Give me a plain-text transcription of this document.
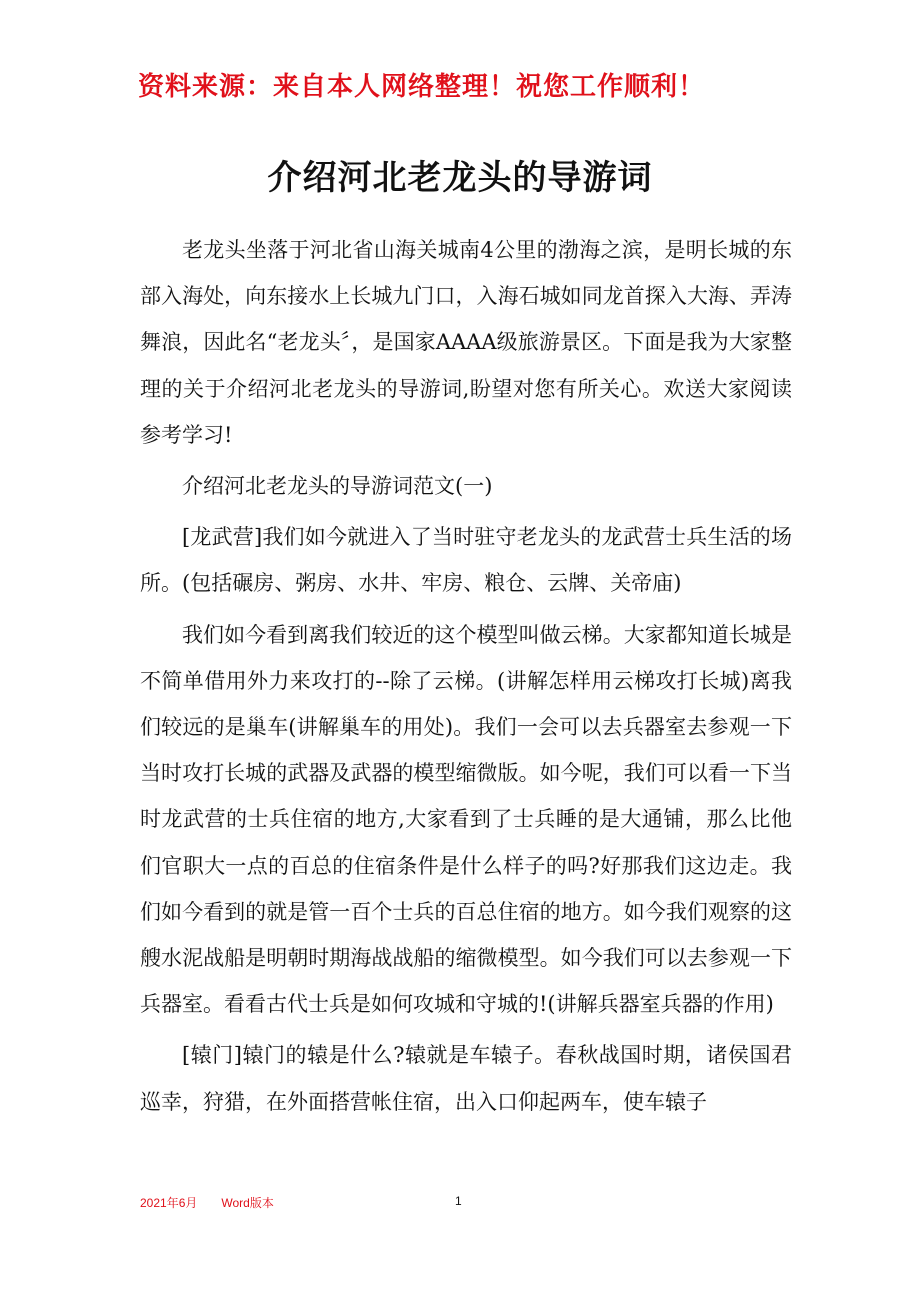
资料来源：来自本人网络整理！祝您工作顺利！
介绍河北老龙头的导游词

老龙头坐落于河北省山海关城南4公里的渤海之滨，是明长城的东部入海处，向东接水上长城九门口，入海石城如同龙首探入大海、弄涛舞浪，因此名“老龙头〞，是国家AAAA级旅游景区。下面是我为大家整理的关于介绍河北老龙头的导游词,盼望对您有所关心。欢送大家阅读参考学习!

介绍河北老龙头的导游词范文(一)

[龙武营]我们如今就进入了当时驻守老龙头的龙武营士兵生活的场所。(包括碾房、粥房、水井、牢房、粮仓、云牌、关帝庙)

我们如今看到离我们较近的这个模型叫做云梯。大家都知道长城是不简单借用外力来攻打的--除了云梯。(讲解怎样用云梯攻打长城)离我们较远的是巢车(讲解巢车的用处)。我们一会可以去兵器室去参观一下当时攻打长城的武器及武器的模型缩微版。如今呢，我们可以看一下当时龙武营的士兵住宿的地方,大家看到了士兵睡的是大通铺，那么比他们官职大一点的百总的住宿条件是什么样子的吗?好那我们这边走。我们如今看到的就是管一百个士兵的百总住宿的地方。如今我们观察的这艘水泥战船是明朝时期海战战船的缩微模型。如今我们可以去参观一下兵器室。看看古代士兵是如何攻城和守城的!(讲解兵器室兵器的作用)

[辕门]辕门的辕是什么?辕就是车辕子。春秋战国时期，诸侯国君巡幸，狩猎，在外面搭营帐住宿，出入口仰起两车，使车辕子

2021年6月 Word版本	1
